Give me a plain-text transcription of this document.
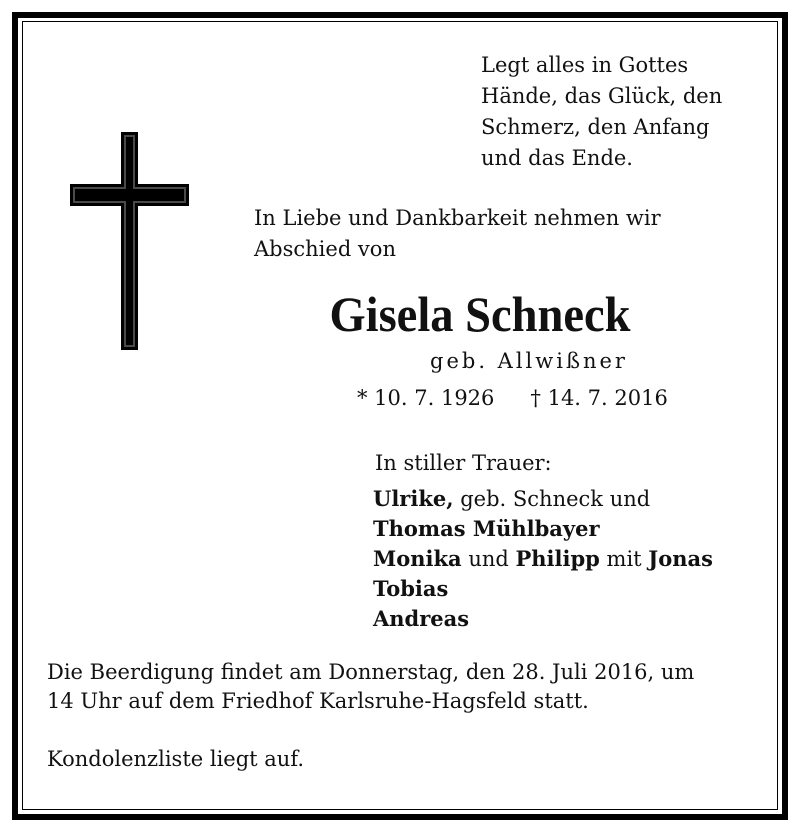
Legt alles in Gottes
Hände, das Glück, den
Schmerz, den Anfang
und das Ende.
In Liebe und Dankbarkeit nehmen wir
Abschied von
Gisela Schneck
geb. Allwißner
* 10. 7. 1926 † 14. 7. 2016
In stiller Trauer:
Ulrike, geb. Schneck und
Thomas Mühlbayer
Monika und Philipp mit Jonas
Tobias
Andreas
Die Beerdigung findet am Donnerstag, den 28. Juli 2016, um
14 Uhr auf dem Friedhof Karlsruhe-Hagsfeld statt.
Kondolenzliste liegt auf.
